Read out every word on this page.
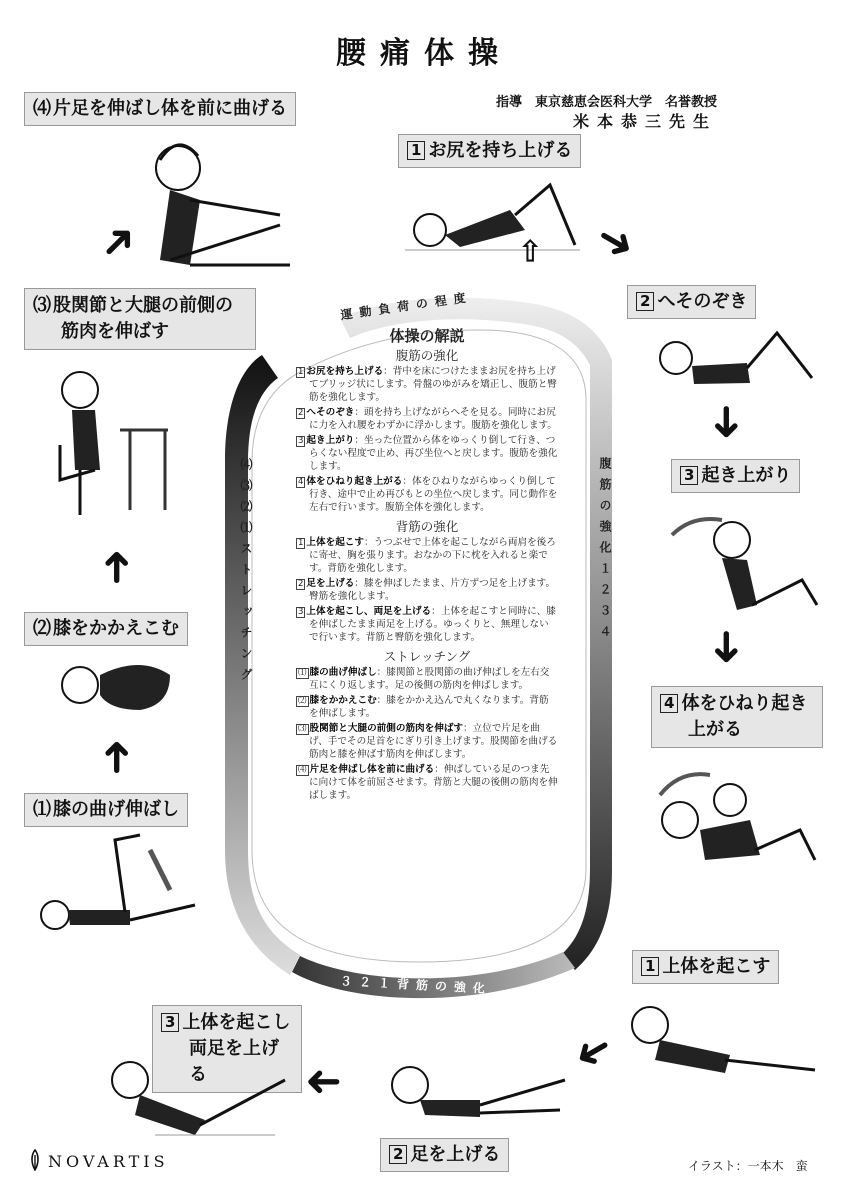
腰痛体操
指導　東京慈恵会医科大学　名誉教授
米本恭三先生
運動負荷の程度
⑷⑶⑵⑴ストレッチング	腹筋の強化１２３４
３２１背筋の強化
体操の解説
腹筋の強化
1 お尻を持ち上げる：背中を床につけたままお尻を持ち上げてブリッジ状にします。骨盤のゆがみを矯正し、腹筋と臀筋を強化します。
2 へそのぞき：頭を持ち上げながらへそを見る。同時にお尻に力を入れ腰をわずかに浮かします。腹筋を強化します。
3 起き上がり：坐った位置から体をゆっくり倒して行き、つらくない程度で止め、再び坐位へと戻します。腹筋を強化します。
4 体をひねり起き上がる：体をひねりながらゆっくり倒して行き、途中で止め再びもとの坐位へ戻します。同じ動作を左右で行います。腹筋全体を強化します。
背筋の強化
1 上体を起こす：うつぶせで上体を起こしながら両肩を後ろに寄せ、胸を張ります。おなかの下に枕を入れると楽です。背筋を強化します。
2 足を上げる：膝を伸ばしたまま、片方ずつ足を上げます。臀筋を強化します。
3 上体を起こし、両足を上げる：上体を起こすと同時に、膝を伸ばしたまま両足を上げる。ゆっくりと、無理しないで行います。背筋と臀筋を強化します。
ストレッチング
⑴ 膝の曲げ伸ばし：膝関節と股関節の曲げ伸ばしを左右交互にくり返します。足の後側の筋肉を伸ばします。
⑵ 膝をかかえこむ：膝をかかえ込んで丸くなります。背筋を伸ばします。
⑶ 股関節と大腿の前側の筋肉を伸ばす：立位で片足を曲げ、手でその足首をにぎり引き上げます。股関節を曲げる筋肉と膝を伸ばす筋肉を伸ばします。
⑷ 片足を伸ばし体を前に曲げる：伸ばしている足のつま先に向けて体を前屈させます。背筋と大腿の後側の筋肉を伸ばします。
⑷ 片足を伸ばし体を前に曲げる
1 お尻を持ち上げる
2 へそのぞき
3 起き上がり
4 体をひねり起き
上がる
1 上体を起こす
2 足を上げる
3 上体を起こし
両足を上げる
⑴ 膝の曲げ伸ばし
⑵ 膝をかかえこむ
⑶ 股関節と大腿の前側の
筋肉を伸ばす
➜	➜
➜
➜
➜
➜
➜
➜
⇨
NOVARTIS	イラスト：一本木　蛮
